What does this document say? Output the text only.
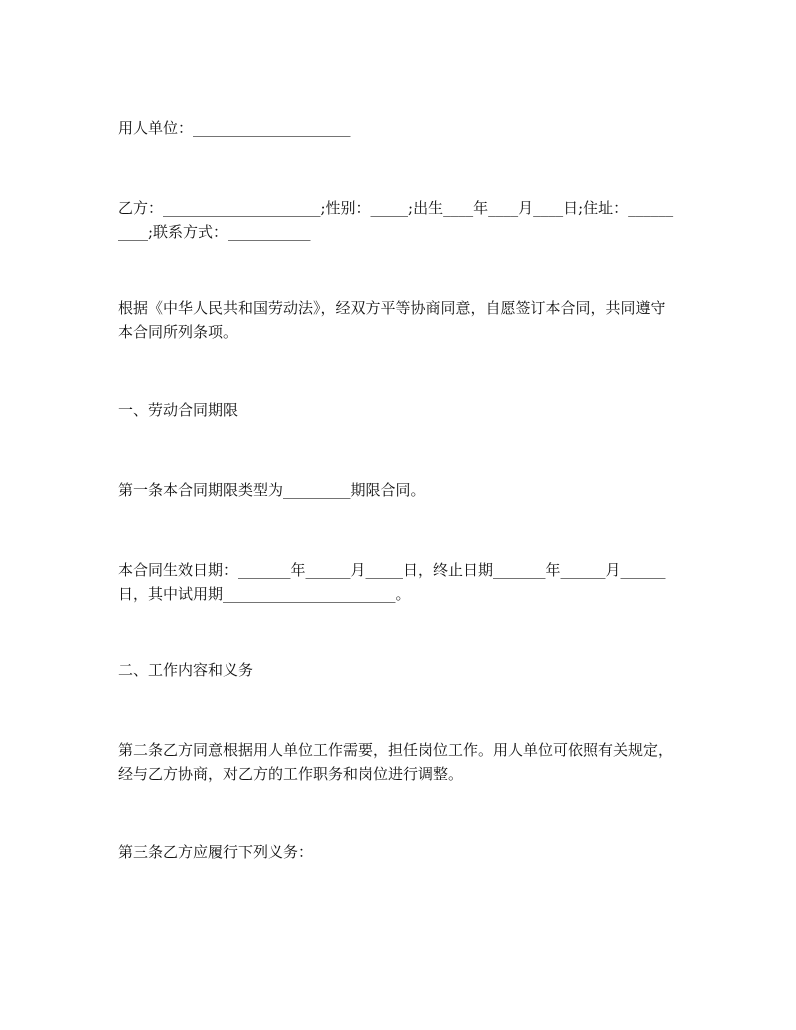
用人单位：_____________________

乙方：_____________________;性别：_____;出生____年____月____日;住址：__________;联系方式：___________

根据《中华人民共和国劳动法》，经双方平等协商同意，自愿签订本合同，共同遵守本合同所列条项。

一、劳动合同期限

第一条本合同期限类型为_________期限合同。

本合同生效日期：_______年______月_____日，终止日期_______年______月______日，其中试用期_______________________。

二、工作内容和义务

第二条乙方同意根据用人单位工作需要，担任岗位工作。用人单位可依照有关规定，经与乙方协商，对乙方的工作职务和岗位进行调整。

第三条乙方应履行下列义务：
